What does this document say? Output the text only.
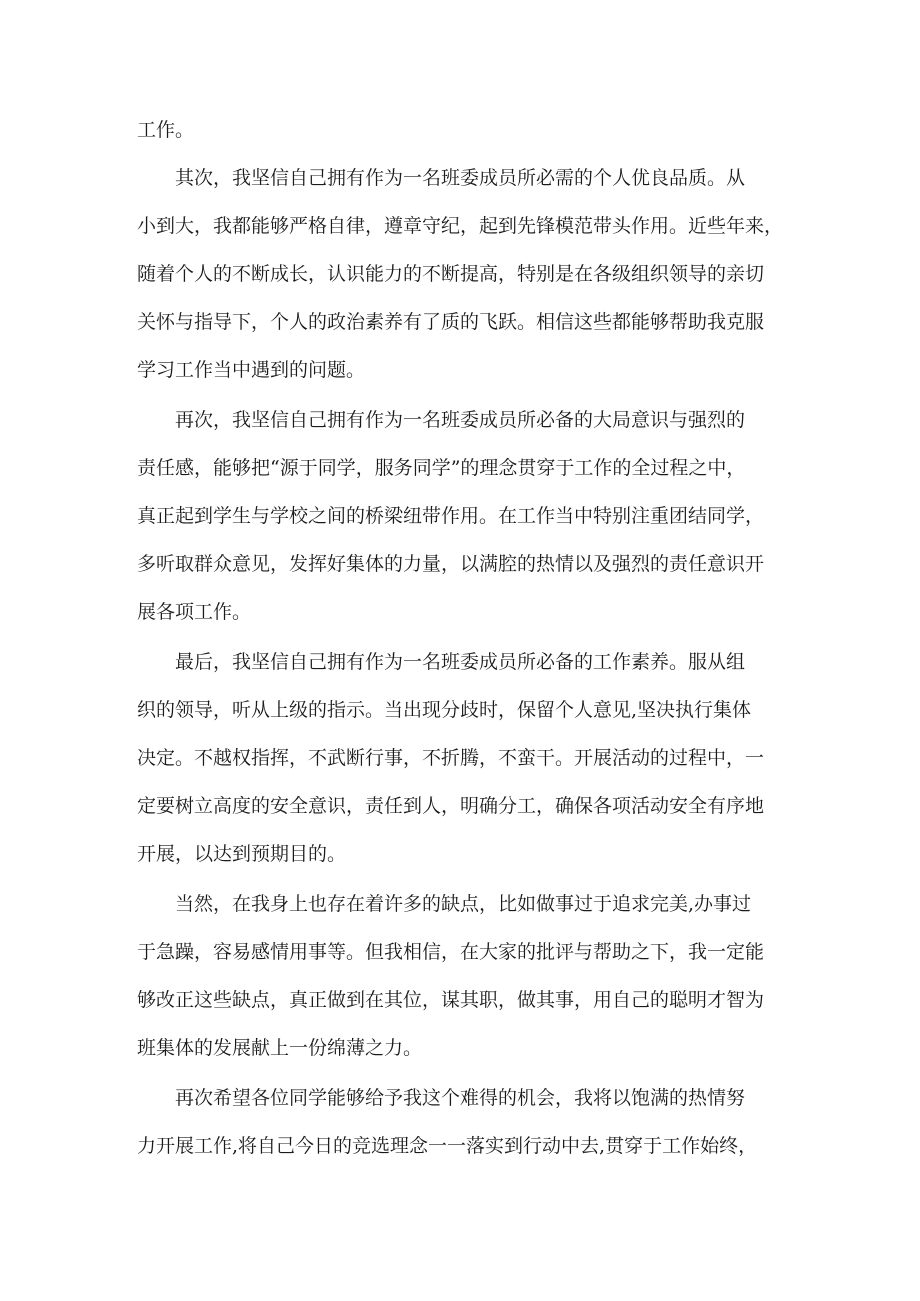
工作。
　　其次，我坚信自己拥有作为一名班委成员所必需的个人优良品质。从
小到大，我都能够严格自律，遵章守纪，起到先锋模范带头作用。近些年来，
随着个人的不断成长，认识能力的不断提高，特别是在各级组织领导的亲切
关怀与指导下，个人的政治素养有了质的飞跃。相信这些都能够帮助我克服
学习工作当中遇到的问题。
　　再次，我坚信自己拥有作为一名班委成员所必备的大局意识与强烈的
责任感，能够把“源于同学，服务同学”的理念贯穿于工作的全过程之中，
真正起到学生与学校之间的桥梁纽带作用。在工作当中特别注重团结同学，
多听取群众意见，发挥好集体的力量，以满腔的热情以及强烈的责任意识开
展各项工作。
　　最后，我坚信自己拥有作为一名班委成员所必备的工作素养。服从组
织的领导，听从上级的指示。当出现分歧时，保留个人意见,坚决执行集体
决定。不越权指挥，不武断行事，不折腾，不蛮干。开展活动的过程中，一
定要树立高度的安全意识，责任到人，明确分工，确保各项活动安全有序地
开展，以达到预期目的。
　　当然，在我身上也存在着许多的缺点，比如做事过于追求完美,办事过
于急躁，容易感情用事等。但我相信，在大家的批评与帮助之下，我一定能
够改正这些缺点，真正做到在其位，谋其职，做其事，用自己的聪明才智为
班集体的发展献上一份绵薄之力。
　　再次希望各位同学能够给予我这个难得的机会，我将以饱满的热情努
力开展工作,将自己今日的竞选理念一一落实到行动中去,贯穿于工作始终，
